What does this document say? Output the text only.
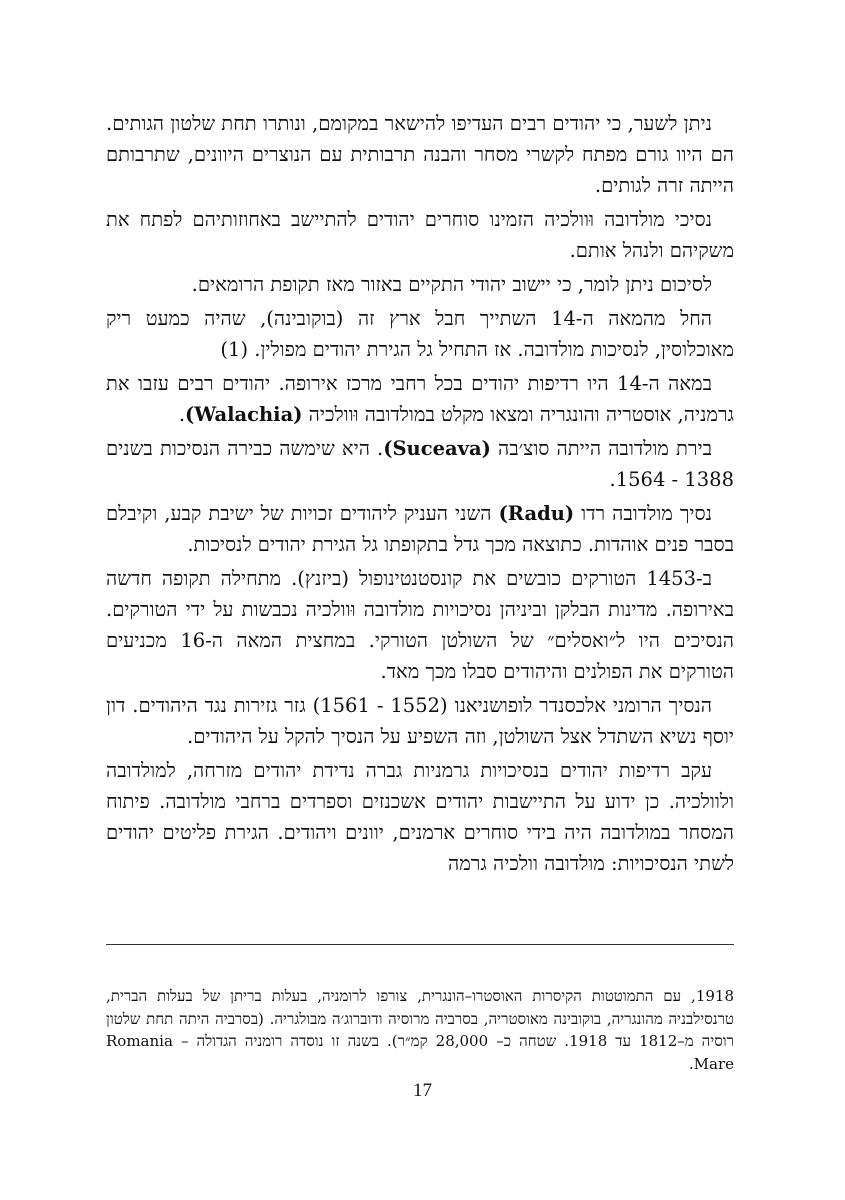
ניתן לשער, כי יהודים רבים העדיפו להישאר במקומם, ונותרו תחת שלטון הגותים. הם היוו גורם מפתח לקשרי מסחר והבנה תרבותית עם הנוצרים היוונים, שתרבותם הייתה זרה לגותים.

נסיכי מולדובה וּוולכיה הזמינו סוחרים יהודים להתיישב באחוזותיהם לפתח את משקיהם ולנהל אותם.

לסיכום ניתן לומר, כי יישוב יהודי התקיים באזור מאז תקופת הרומאים.

החל מהמאה ה-14 השתייך חבל ארץ זה (בוקובינה), שהיה כמעט ריק מאוכלוסין, לנסיכות מולדובה. אז התחיל גל הגירת יהודים מפולין. (1)

במאה ה-14 היו רדיפות יהודים בכל רחבי מרכז אירופה. יהודים רבים עזבו את גרמניה, אוסטריה והונגריה ומצאו מקלט במולדובה וּוולכיה (Walachia).

בירת מולדובה הייתה סוצ׳בה (Suceava). היא שימשה כבירה הנסיכות בשנים 1388 - 1564.

נסיך מולדובה רדו (Radu) השני העניק ליהודים זכויות של ישיבת קבע, וקיבלם בסבר פנים אוהדות. כתוצאה מכך גדל בתקופתו גל הגירת יהודים לנסיכות.

ב-1453 הטורקים כובשים את קונסטנטינופול (ביזנץ). מתחילה תקופה חדשה באירופה. מדינות הבלקן וביניהן נסיכויות מולדובה וּוולכיה נכבשות על ידי הטורקים. הנסיכים היו ל״ואסלים״ של השולטן הטורקי. במחצית המאה ה-16 מכניעים הטורקים את הפולנים והיהודים סבלו מכך מאד.

הנסיך הרומני אלכסנדר לופושניאנו (1552 - 1561) גזר גזירות נגד היהודים. דון יוסף נשיא השתדל אצל השולטן, וזה השפיע על הנסיך להקל על היהודים.

עקב רדיפות יהודים בנסיכויות גרמניות גברה נדידת יהודים מזרחה, למולדובה ולוולכיה. כן ידוע על התיישבות יהודים אשכנזים וספרדים ברחבי מולדובה. פיתוח המסחר במולדובה היה בידי סוחרים ארמנים, יוונים ויהודים. הגירת פליטים יהודים לשתי הנסיכויות: מולדובה וולכיה גרמה

1918, עם התמוטטות הקיסרות האוסטרו–הונגרית, צורפו לרומניה, בעלות בריתן של בעלות הברית, טרנסילבניה מהונגריה, בוקובינה מאוסטריה, בסרביה מרוסיה ודוברוג׳ה מבולגריה. (בסרביה היתה תחת שלטון רוסיה מ–1812 עד 1918. שטחה כ– 28,000 קמ״ר). בשנה זו נוסדה רומניה הגדולה – Romania Mare.
17
